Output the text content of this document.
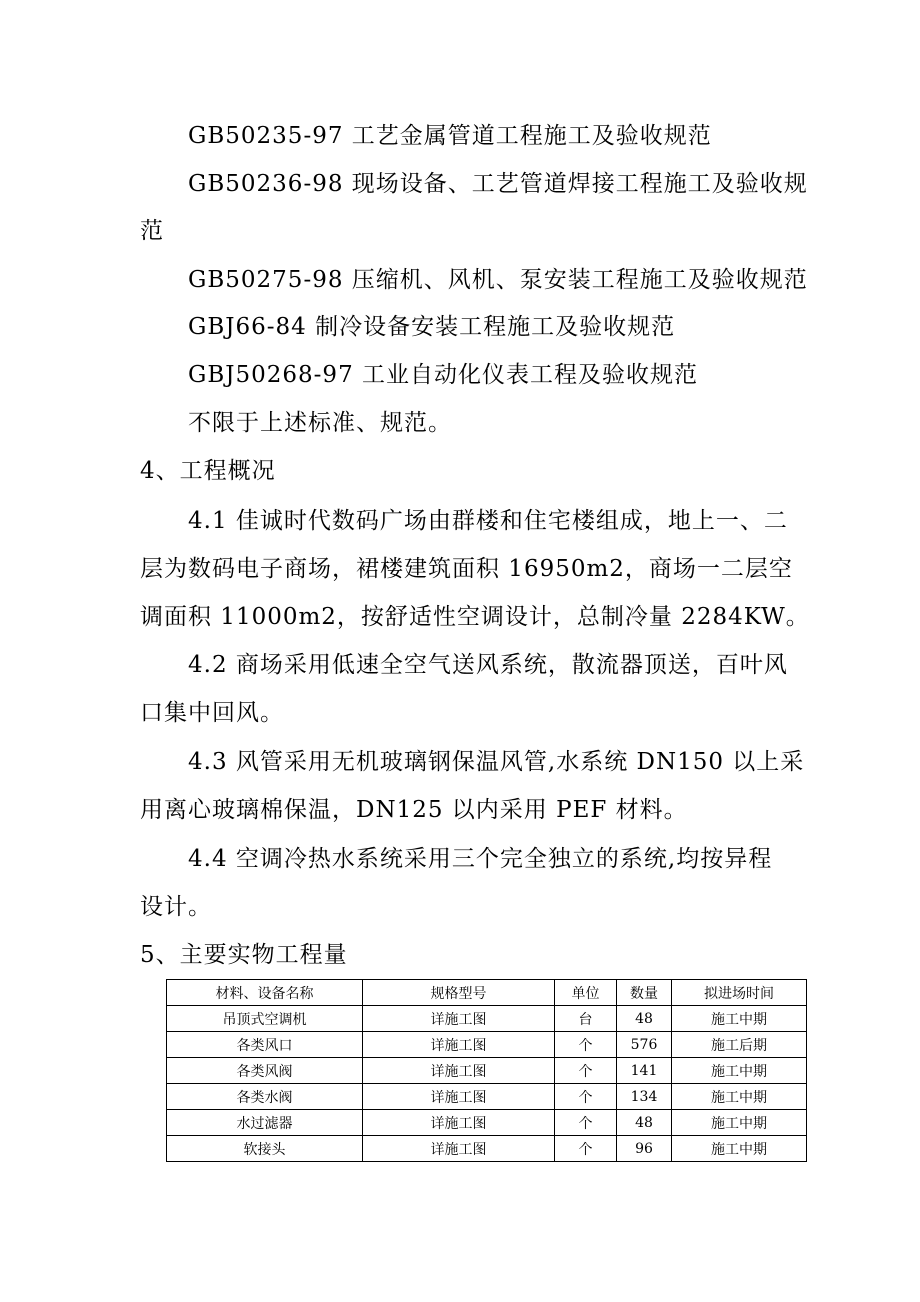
GB50235-97 工艺金属管道工程施工及验收规范
GB50236-98 现场设备、工艺管道焊接工程施工及验收规
范
GB50275-98 压缩机、风机、泵安装工程施工及验收规范
GBJ66-84 制冷设备安装工程施工及验收规范
GBJ50268-97 工业自动化仪表工程及验收规范
不限于上述标准、规范。
4、工程概况
4.1 佳诚时代数码广场由群楼和住宅楼组成，地上一、二
层为数码电子商场，裙楼建筑面积 16950m2，商场一二层空
调面积 11000m2，按舒适性空调设计，总制冷量 2284KW。
4.2 商场采用低速全空气送风系统，散流器顶送，百叶风
口集中回风。
4.3 风管采用无机玻璃钢保温风管,水系统 DN150 以上采
用离心玻璃棉保温，DN125 以内采用 PEF 材料。
4.4 空调冷热水系统采用三个完全独立的系统,均按异程
设计。
5、主要实物工程量
材料、设备名称	规格型号	单位	数量	拟进场时间
吊顶式空调机	详施工图	台	48	施工中期
各类风口	详施工图	个	576	施工后期
各类风阀	详施工图	个	141	施工中期
各类水阀	详施工图	个	134	施工中期
水过滤器	详施工图	个	48	施工中期
软接头	详施工图	个	96	施工中期
